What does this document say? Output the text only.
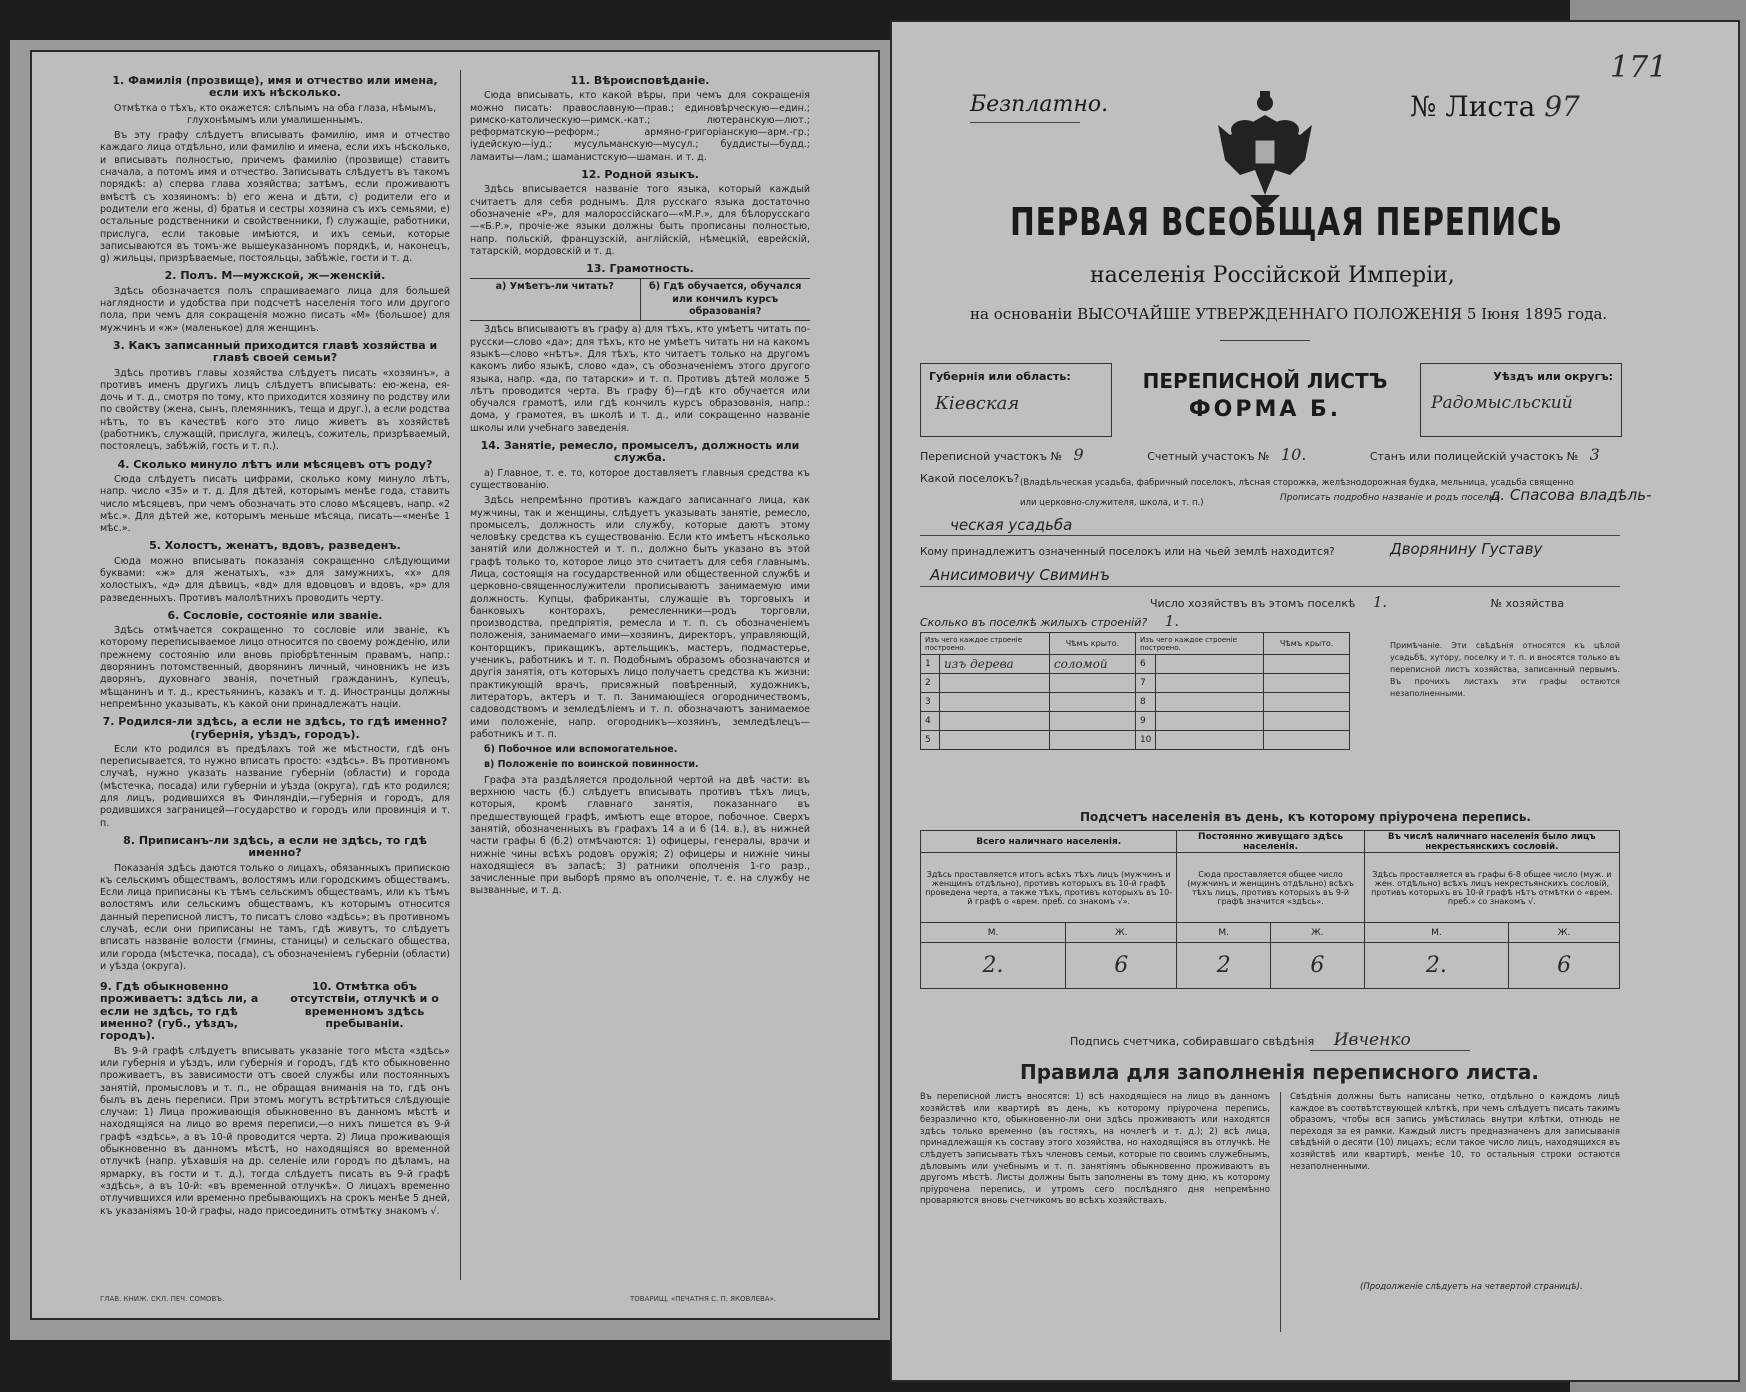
1. Фамилія (прозвище), имя и отчество или имена, если ихъ нѣсколько.

Отмѣтка о тѣхъ, кто окажется: слѣпымъ на оба глаза, нѣмымъ, глухонѣмымъ или умалишеннымъ.

Въ эту графу слѣдуетъ вписывать фамилію, имя и отчество каждаго лица отдѣльно, или фамилію и имена, если ихъ нѣсколько, и вписывать полностью, причемъ фамилію (прозвище) ставить сначала, а потомъ имя и отчество. Записывать слѣдуетъ въ такомъ порядкѣ: a) сперва глава хозяйства; затѣмъ, если проживаютъ вмѣстѣ съ хозяиномъ: b) его жена и дѣти, c) родители его и родители его жены, d) братья и сестры хозяина съ ихъ семьями, e) остальные родственники и свойственники, f) служащіе, работники, прислуга, если таковые имѣются, и ихъ семьи, которые записываются въ томъ-же вышеуказанномъ порядкѣ, и, наконецъ, g) жильцы, призрѣваемые, постояльцы, забѣжіе, гости и т. д.

2. Полъ. М—мужской, ж—женскій.

Здѣсь обозначается полъ спрашиваемаго лица для большей наглядности и удобства при подсчетѣ населенія того или другого пола, при чемъ для сокращенія можно писать «М» (большое) для мужчинъ и «ж» (маленькое) для женщинъ.

3. Какъ записанный приходится главѣ хозяйства и главѣ своей семьи?

Здѣсь противъ главы хозяйства слѣдуетъ писать «хозяинъ», а противъ именъ другихъ лицъ слѣдуетъ вписывать: ею-жена, ея-дочь и т. д., смотря по тому, кто приходится хозяину по родству или по свойству (жена, сынъ, племянникъ, теща и друг.), а если родства нѣтъ, то въ качествѣ кого это лицо живетъ въ хозяйствѣ (работникъ, служащій, прислуга, жилецъ, сожитель, призрѣваемый, постоялецъ, забѣжій, гость и т. п.).

4. Сколько минуло лѣтъ или мѣсяцевъ отъ роду?

Сюда слѣдуетъ писать цифрами, сколько кому минуло лѣтъ, напр. число «35» и т. д. Для дѣтей, которымъ менѣе года, ставить число мѣсяцевъ, при чемъ обозначать это слово мѣсяцевъ, напр. «2 мѣс.». Для дѣтей же, которымъ меньше мѣсяца, писать—«менѣе 1 мѣс.».

5. Холостъ, женатъ, вдовъ, разведенъ.

Сюда можно вписывать показанія сокращенно слѣдующими буквами: «ж» для женатыхъ, «з» для замужнихъ, «х» для холостыхъ, «д» для дѣвицъ, «вд» для вдовцовъ и вдовъ, «р» для разведенныхъ. Противъ малолѣтнихъ проводить черту.

6. Сословіе, состояніе или званіе.

Здѣсь отмѣчается сокращенно то сословіе или званіе, къ которому переписываемое лицо относится по своему рожденію, или прежнему состоянію или вновь пріобрѣтенным правамъ, напр.: дворянинъ потомственный, дворянинъ личный, чиновникъ не изъ дворянъ, духовнаго званія, почетный гражданинъ, купецъ, мѣщанинъ и т. д., крестьянинъ, казакъ и т. д. Иностранцы должны непремѣнно указывать, къ какой они принадлежатъ націи.

7. Родился-ли здѣсь, а если не здѣсь, то гдѣ именно? (губернія, уѣздъ, городъ).

Если кто родился въ предѣлахъ той же мѣстности, гдѣ онъ переписывается, то нужно вписать просто: «здѣсь». Въ противномъ случаѣ, нужно указать название губерніи (области) и города (мѣстечка, посада) или губерніи и уѣзда (округа), гдѣ кто родился; для лицъ, родившихся въ Финляндіи,—губернія и городъ, для родившихся заграницей—государство и городъ или провинція и т. п.

8. Приписанъ-ли здѣсь, а если не здѣсь, то гдѣ именно?

Показанія здѣсь даются только о лицахъ, обязанныхъ припискою къ сельскимъ обществамъ, волостямъ или городскимъ обществамъ. Если лица приписаны къ тѣмъ сельскимъ обществамъ, или къ тѣмъ волостямъ или сельскимъ обществамъ, къ которымъ относится данный переписной листъ, то писатъ слово «здѣсь»; въ противномъ случаѣ, если они приписаны не тамъ, гдѣ живутъ, то слѣдуетъ вписать названіе волости (гмины, станицы) и сельскаго общества, или города (мѣстечка, посада), съ обозначеніемъ губерніи (области) и уѣзда (округа).

9. Гдѣ обыкновенно проживаетъ: здѣсь ли, а если не здѣсь, то гдѣ именно? (губ., уѣздъ, городъ).
10. Отмѣтка объ отсутствіи, отлучкѣ и о временномъ здѣсь пребываніи.

Въ 9-й графѣ слѣдуетъ вписывать указаніе того мѣста «здѣсь» или губернія и уѣздъ, или губернія и городъ, гдѣ кто обыкновенно проживаетъ, въ зависимости отъ своей службы или постоянныхъ занятій, промысловъ и т. п., не обращая вниманія на то, гдѣ онъ былъ въ день переписи. При этомъ могутъ встрѣтиться слѣдующіе случаи: 1) Лица проживающія обыкновенно въ данномъ мѣстѣ и находящіяся на лицо во время переписи,—о нихъ пишется въ 9-й графѣ «здѣсь», а въ 10-й проводится черта. 2) Лица проживающія обыкновенно въ данномъ мѣстѣ, но находящіяся во временной отлучкѣ (напр. уѣхавшія на др. селеніе или городъ по дѣламъ, на ярмарку, въ гости и т. д.), тогда слѣдуетъ писать въ 9-й графѣ «здѣсь», а въ 10-й: «въ временной отлучкѣ». О лицахъ временно отлучившихся или временно пребывающихъ на срокъ менѣе 5 дней, къ указаніямъ 10-й графы, надо присоединить отмѣтку знакомъ √.

11. Вѣроисповѣданіе.

Сюда вписывать, кто какой вѣры, при чемъ для сокращенія можно писать: православную—прав.; единовѣрческую—един.; римско-католическую—римск.-кат.; лютеранскую—лют.; реформатскую—реформ.; армяно-григоріанскую—арм.-гр.; іудейскую—іуд.; мусульманскую—мусул.; буддисты—будд.; ламаиты—лам.; шаманистскую—шаман. и т. д.

12. Родной языкъ.

Здѣсь вписывается названіе того языка, который каждый считаетъ для себя роднымъ. Для русскаго языка достаточно обозначеніе «Р», для малороссійскаго—«М.Р.», для бѣлорусскаго—«Б.Р.», прочіе-же языки должны быть прописаны полностью, напр. польскій, французскій, англійскій, нѣмецкій, еврейскій, татарскій, мордовскій и т. д.

13. Грамотность.
а) Умѣетъ-ли читать?	б) Гдѣ обучается, обучался или кончилъ курсъ образованія?

Здѣсь вписываютъ въ графу а) для тѣхъ, кто умѣетъ читать по-русски—слово «да»; для тѣхъ, кто не умѣетъ читать ни на какомъ языкѣ—слово «нѣтъ». Для тѣхъ, кто читаетъ только на другомъ какомъ либо языкѣ, слово «да», съ обозначеніемъ этого другого языка, напр. «да, по татарски» и т. п. Противъ дѣтей моложе 5 лѣтъ проводится черта. Въ графу б)—гдѣ кто обучается или обучался грамотѣ, или гдѣ кончилъ курсъ образованія, напр.: дома, у грамотея, въ школѣ и т. д., или сокращенно названіе школы или учебнаго заведенія.

14. Занятіе, ремесло, промыселъ, должность или служба.

а) Главное, т. е. то, которое доставляетъ главныя средства къ существованію.

Здѣсь непремѣнно противъ каждаго записаннаго лица, как мужчины, так и женщины, слѣдуетъ указывать занятіе, ремесло, промыселъ, должность или службу, которые даютъ этому человѣку средства къ существованію. Если кто имѣетъ нѣсколько занятій или должностей и т. п., должно быть указано въ этой графѣ только то, которое лицо это считаетъ для себя главнымъ. Лица, состоящія на государственной или общественной службѣ и церковно-священнослужители прописываютъ занимаемую ими должность. Купцы, фабриканты, служащіе въ торговыхъ и банковыхъ конторахъ, ремесленники—родъ торговли, производства, предпріятія, ремесла и т. п. съ обозначеніемъ положенія, занимаемаго ими—хозяинъ, директоръ, управляющій, конторщикъ, прикащикъ, артельщикъ, мастеръ, подмастерье, ученикъ, работникъ и т. п. Подобнымъ образомъ обозначаются и другія занятія, отъ которыхъ лицо получаетъ средства къ жизни: практикующій врачъ, присяжный повѣренный, художникъ, литераторъ, актеръ и т. п. Занимающіеся огородничествомъ, садоводствомъ и земледѣліемъ и т. п. обозначаютъ занимаемое ими положеніе, напр. огородникъ—хозяинъ, земледѣлецъ—работникъ и т. п.

б) Побочное или вспомогательное.

в) Положеніе по воинской повинности.

Графа эта раздѣляется продольной чертой на двѣ части: въ верхнюю часть (б.) слѣдуетъ вписывать противъ тѣхъ лицъ, которыя, кромѣ главнаго занятія, показаннаго въ предшествующей графѣ, имѣютъ еще второе, побочное. Сверхъ занятій, обозначенныхъ въ графахъ 14 а и б (14. в.), въ нижней части графы б (б.2) отмѣчаются: 1) офицеры, генералы, врачи и нижніе чины всѣхъ родовъ оружія; 2) офицеры и нижніе чины находящіеся въ запасѣ; 3) ратники ополченія 1-го разр., зачисленные при выборѣ прямо въ ополченіе, т. е. на службу не вызванные, и т. д.

ГЛАВ. КНИЖ. СКЛ. ПЕЧ. СОМОВЪ.	ТОВАРИЩ. «ПЕЧАТНЯ С. П. ЯКОВЛЕВА».
171
Безплатно.	№ Листа 97
ПЕРВАЯ ВСЕОБЩАЯ ПЕРЕПИСЬ
населенія Россійской Имперіи,
на основаніи ВЫСОЧАЙШЕ УТВЕРЖДЕННАГО ПОЛОЖЕНІЯ 5 Іюня 1895 года.
Губернія или область:
Кіевская
ПЕРЕПИСНОЙ ЛИСТЪ
ФОРМА Б.
Уѣздъ или округъ:
Радомысльский
Переписной участокъ № 9	Счетный участокъ № 10.	Станъ или полицейскій участокъ № 3
Какой поселокъ? (Владѣльческая усадьба, фабричный поселокъ, лѣсная сторожка, желѣзнодорожная будка, мельница, усадьба священно или церковно-служителя, школа, и т. п.)	Прописать подробно названіе и родъ поселка
д. Спасова владѣль-
ческая усадьба
Кому принадлежитъ означенный поселокъ или на чьей землѣ находится?	Дворянину Густаву
Анисимовичу Свиминъ
Число хозяйствъ въ этомъ поселкѣ 1.	№ хозяйства
Сколько въ поселкѣ жилыхъ строеній? 1.
Изъ чего каждое строеніе построено.		Чѣмъ крыто.	Изъ чего каждое строеніе построено.		Чѣмъ крыто.
1	изъ дерева	соломой	6		
2			7		
3			8		
4			9		
5			10		
Примѣчаніе. Эти свѣдѣнія относятся къ цѣлой усадьбѣ, хутору, поселку и т. п. и вносятся только въ переписной листъ хозяйства, записанный первымъ. Въ прочихъ листахъ эти графы остаются незаполненными.
Подсчетъ населенія въ день, къ которому пріурочена перепись.
Всего наличнаго населенія.		Постоянно живущаго здѣсь населенія.		Въ числѣ наличнаго населенія было лицъ некрестьянскихъ сословій.	
Здѣсь проставляется итогъ всѣхъ тѣхъ лицъ (мужчинъ и женщинъ отдѣльно), противъ которыхъ въ 10-й графѣ проведена черта, а также тѣхъ, противъ которыхъ въ 10-й графѣ о «врем. преб. со знакомъ √».		Сюда проставляется общее число (мужчинъ и женщинъ отдѣльно) всѣхъ тѣхъ лицъ, противъ которыхъ въ 9-й графѣ значится «здѣсь».		Здѣсь проставляется въ графы 6-8 общее число (муж. и жен. отдѣльно) всѣхъ лицъ некрестьянскихъ сословій, противъ которыхъ въ 10-й графѣ нѣтъ отмѣтки о «врем. преб.» со знакомъ √.	
М.	Ж.	М.	Ж.	М.	Ж.
2.	6	2	6	2.	6
Подпись счетчика, собиравшаго свѣдѣнія Ивченко
Правила для заполненія переписного листа.
Въ переписной листъ вносятся: 1) всѣ находящіеся на лицо въ данномъ хозяйствѣ или квартирѣ въ день, къ которому пріурочена перепись, безразлично кто, обыкновенно-ли они здѣсь проживаютъ или находятся здѣсь только временно (въ гостяхъ, на ночлегѣ и т. д.); 2) всѣ лица, принадлежащія къ составу этого хозяйства, но находящіяся въ отлучкѣ. Не слѣдуетъ записывать тѣхъ членовъ семьи, которые по своимъ служебнымъ, дѣловымъ или учебнымъ и т. п. занятіямъ обыкновенно проживаютъ въ другомъ мѣстѣ. Листы должны быть заполнены въ тому дню, къ которому пріурочена перепись, и утромъ сего послѣдняго дня непремѣнно проваряются вновь счетчикомъ во всѣхъ хозяйствахъ.
Свѣдѣнія должны быть написаны четко, отдѣльно о каждомъ лицѣ каждое въ соотвѣтствующей клѣткѣ, при чемъ слѣдуетъ писать такимъ образомъ, чтобы вся запись умѣстилась внутри клѣтки, отнюдь не переходя за ея рамки. Каждый листъ предназначенъ для записыванія свѣдѣній о десяти (10) лицахъ; если такое число лицъ, находящихся въ хозяйствѣ или квартирѣ, менѣе 10, то остальныя строки остаются незаполненными.
(Продолженіе слѣдуетъ на четвертой страницѣ).
